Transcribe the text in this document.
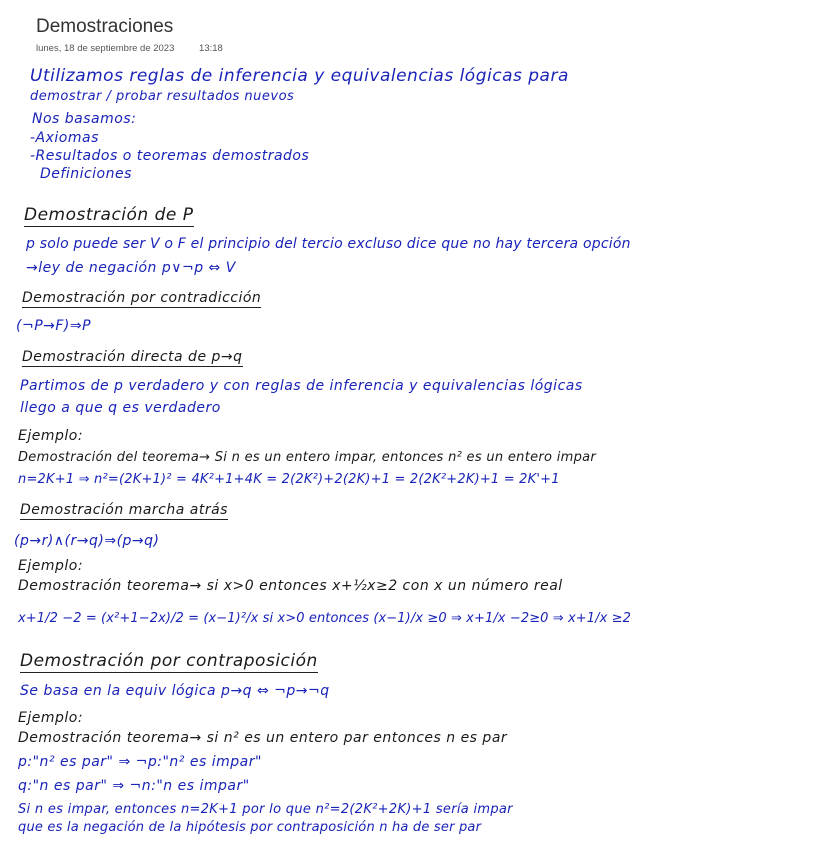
Demostraciones
lunes, 18 de septiembre de 2023	13:18
Utilizamos reglas de inferencia y equivalencias lógicas para
demostrar / probar resultados nuevos
Nos basamos:
-Axiomas
-Resultados o teoremas demostrados
Definiciones
Demostración de P
p solo puede ser V o F el principio del tercio excluso dice que no hay tercera opción
→ley de negación p∨¬p ⇔ V
Demostración por contradicción
(¬P→F)⇒P
Demostración directa de p→q
Partimos de p verdadero y con reglas de inferencia y equivalencias lógicas
llego a que q es verdadero
Ejemplo:
Demostración del teorema→ Si n es un entero impar, entonces n² es un entero impar
n=2K+1 ⇒ n²=(2K+1)² = 4K²+1+4K = 2(2K²)+2(2K)+1 = 2(2K²+2K)+1 = 2K'+1
Demostración marcha atrás
(p→r)∧(r→q)⇒(p→q)
Ejemplo:
Demostración teorema→ si x>0 entonces x+½x≥2 con x un número real
x+1/2 −2 = (x²+1−2x)/2 = (x−1)²/x si x>0 entonces (x−1)/x ≥0 ⇒ x+1/x −2≥0 ⇒ x+1/x ≥2
Demostración por contraposición
Se basa en la equiv lógica p→q ⇔ ¬p→¬q
Ejemplo:
Demostración teorema→ si n² es un entero par entonces n es par
p:"n² es par" ⇒ ¬p:"n² es impar"
q:"n es par" ⇒ ¬n:"n es impar"
Si n es impar, entonces n=2K+1 por lo que n²=2(2K²+2K)+1 sería impar
que es la negación de la hipótesis por contraposición n ha de ser par
